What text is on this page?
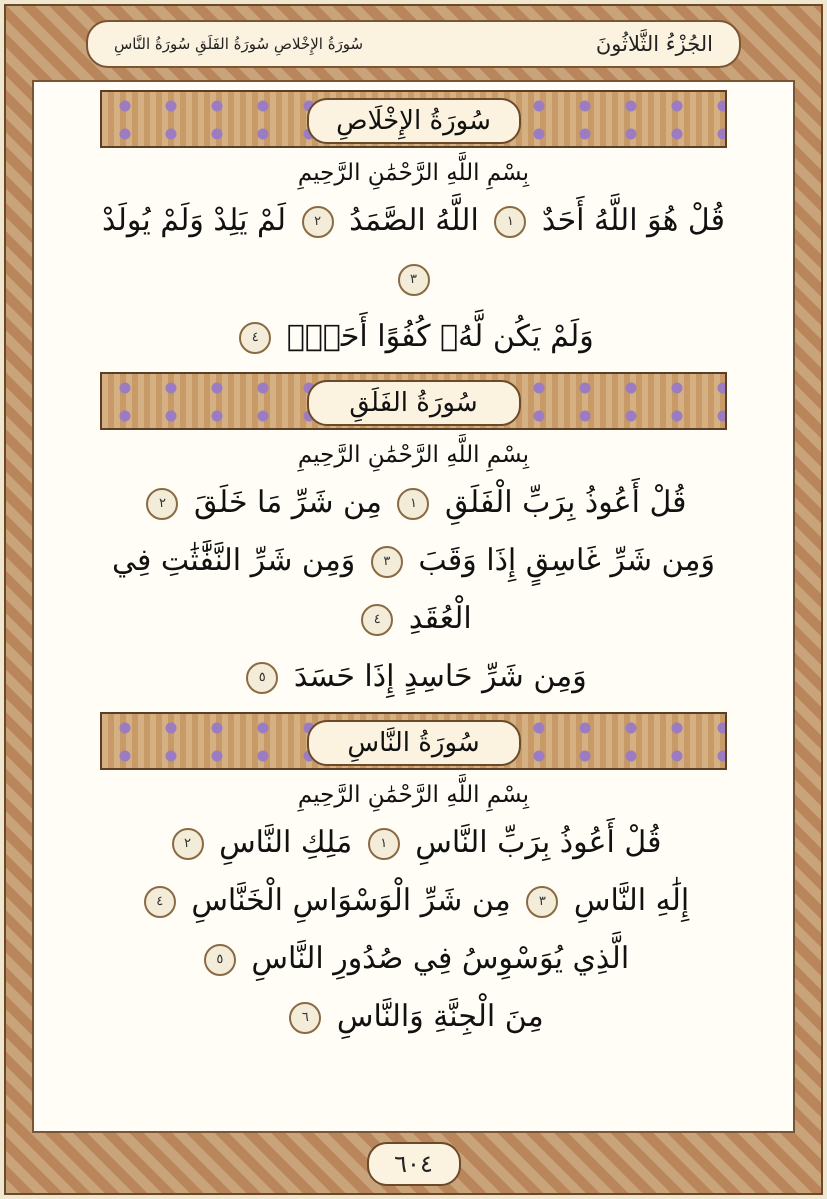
الجُزْءُ الثَّلاثُونَ
سُورَةُ الإِخْلاصِ سُورَةُ الفَلَقِ سُورَةُ النَّاسِ
سُورَةُ الإِخْلَاصِ
بِسْمِ اللَّهِ الرَّحْمَٰنِ الرَّحِيمِ
قُلْ هُوَ اللَّهُ أَحَدٌ ١ اللَّهُ الصَّمَدُ ٢ لَمْ يَلِدْ وَلَمْ يُولَدْ ٣
وَلَمْ يَكُن لَّهُۥ كُفُوًا أَحَدٌۢ ٤
سُورَةُ الفَلَقِ
بِسْمِ اللَّهِ الرَّحْمَٰنِ الرَّحِيمِ
قُلْ أَعُوذُ بِرَبِّ الْفَلَقِ ١ مِن شَرِّ مَا خَلَقَ ٢
وَمِن شَرِّ غَاسِقٍ إِذَا وَقَبَ ٣ وَمِن شَرِّ النَّفَّٰثَٰتِ فِي الْعُقَدِ ٤
وَمِن شَرِّ حَاسِدٍ إِذَا حَسَدَ ٥
سُورَةُ النَّاسِ
بِسْمِ اللَّهِ الرَّحْمَٰنِ الرَّحِيمِ
قُلْ أَعُوذُ بِرَبِّ النَّاسِ ١ مَلِكِ النَّاسِ ٢
إِلَٰهِ النَّاسِ ٣ مِن شَرِّ الْوَسْوَاسِ الْخَنَّاسِ ٤
الَّذِي يُوَسْوِسُ فِي صُدُورِ النَّاسِ ٥
مِنَ الْجِنَّةِ وَالنَّاسِ ٦
٦٠٤
